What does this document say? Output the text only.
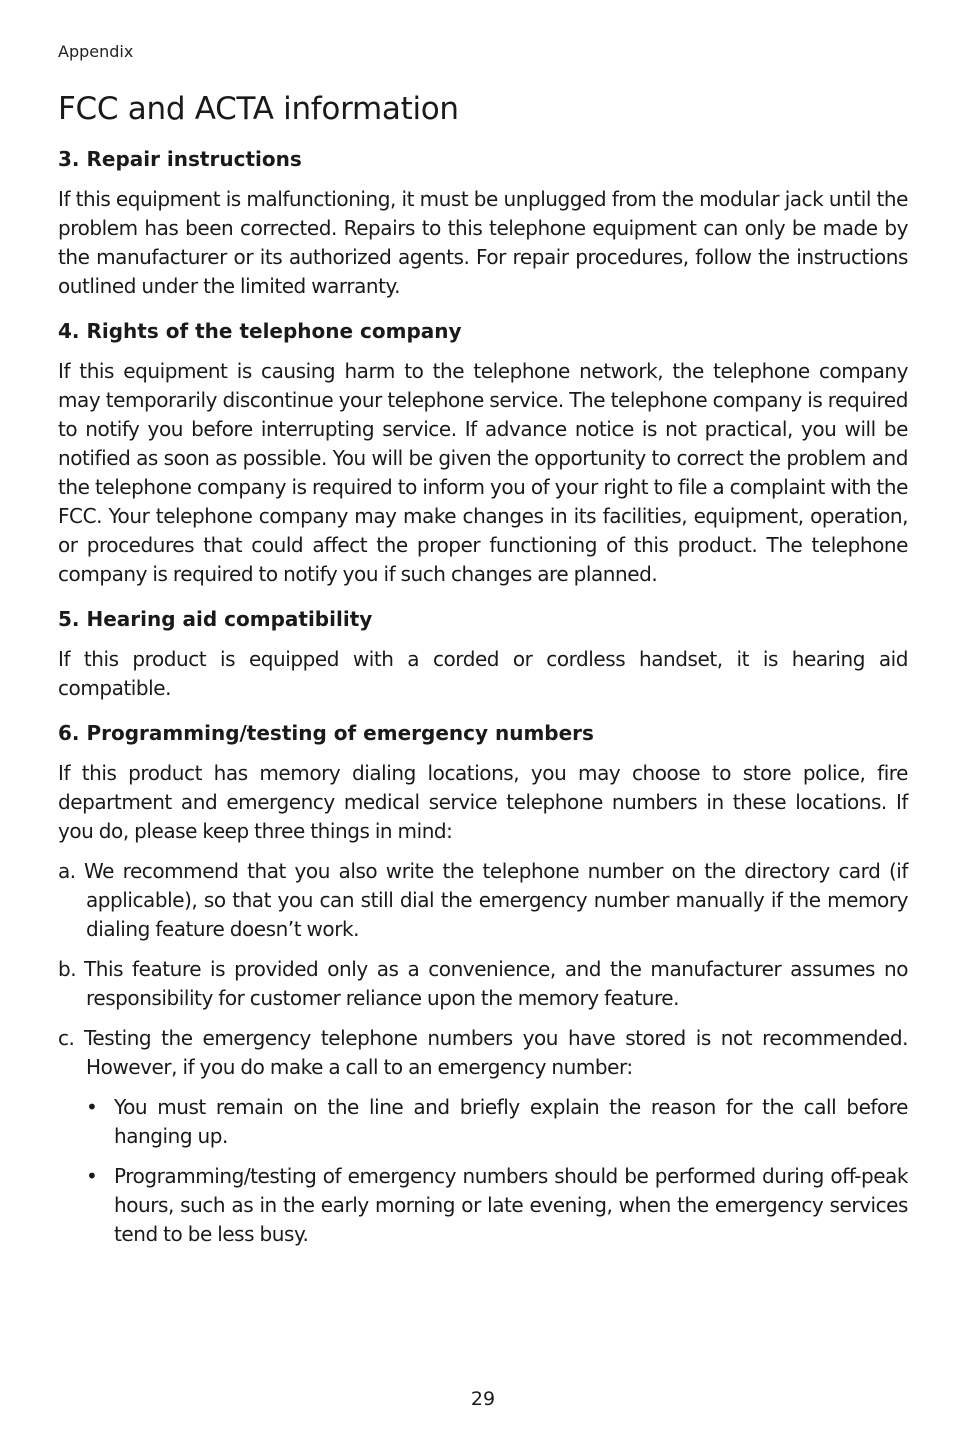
Appendix
FCC and ACTA information
3. Repair instructions

If this equipment is malfunctioning, it must be unplugged from the modular jack until the problem has been corrected. Repairs to this telephone equipment can only be made by the manufacturer or its authorized agents. For repair procedures, follow the instructions outlined under the limited warranty.

4. Rights of the telephone company

If this equipment is causing harm to the telephone network, the telephone company may temporarily discontinue your telephone service. The telephone company is required to notify you before interrupting service. If advance notice is not practical, you will be notified as soon as possible. You will be given the opportunity to correct the problem and the telephone company is required to inform you of your right to file a complaint with the FCC. Your telephone company may make changes in its facilities, equipment, operation, or procedures that could affect the proper functioning of this product. The telephone company is required to notify you if such changes are planned.

5. Hearing aid compatibility

If this product is equipped with a corded or cordless handset, it is hearing aid compatible.

6. Programming/testing of emergency numbers

If this product has memory dialing locations, you may choose to store police, fire department and emergency medical service telephone numbers in these locations. If you do, please keep three things in mind:

a. We recommend that you also write the telephone number on the directory card (if applicable), so that you can still dial the emergency number manually if the memory dialing feature doesn’t work.
b. This feature is provided only as a convenience, and the manufacturer assumes no responsibility for customer reliance upon the memory feature.
c. Testing the emergency telephone numbers you have stored is not recommended. However, if you do make a call to an emergency number:
• You must remain on the line and briefly explain the reason for the call before hanging up.
• Programming/testing of emergency numbers should be performed during off-peak hours, such as in the early morning or late evening, when the emergency services tend to be less busy.
29
